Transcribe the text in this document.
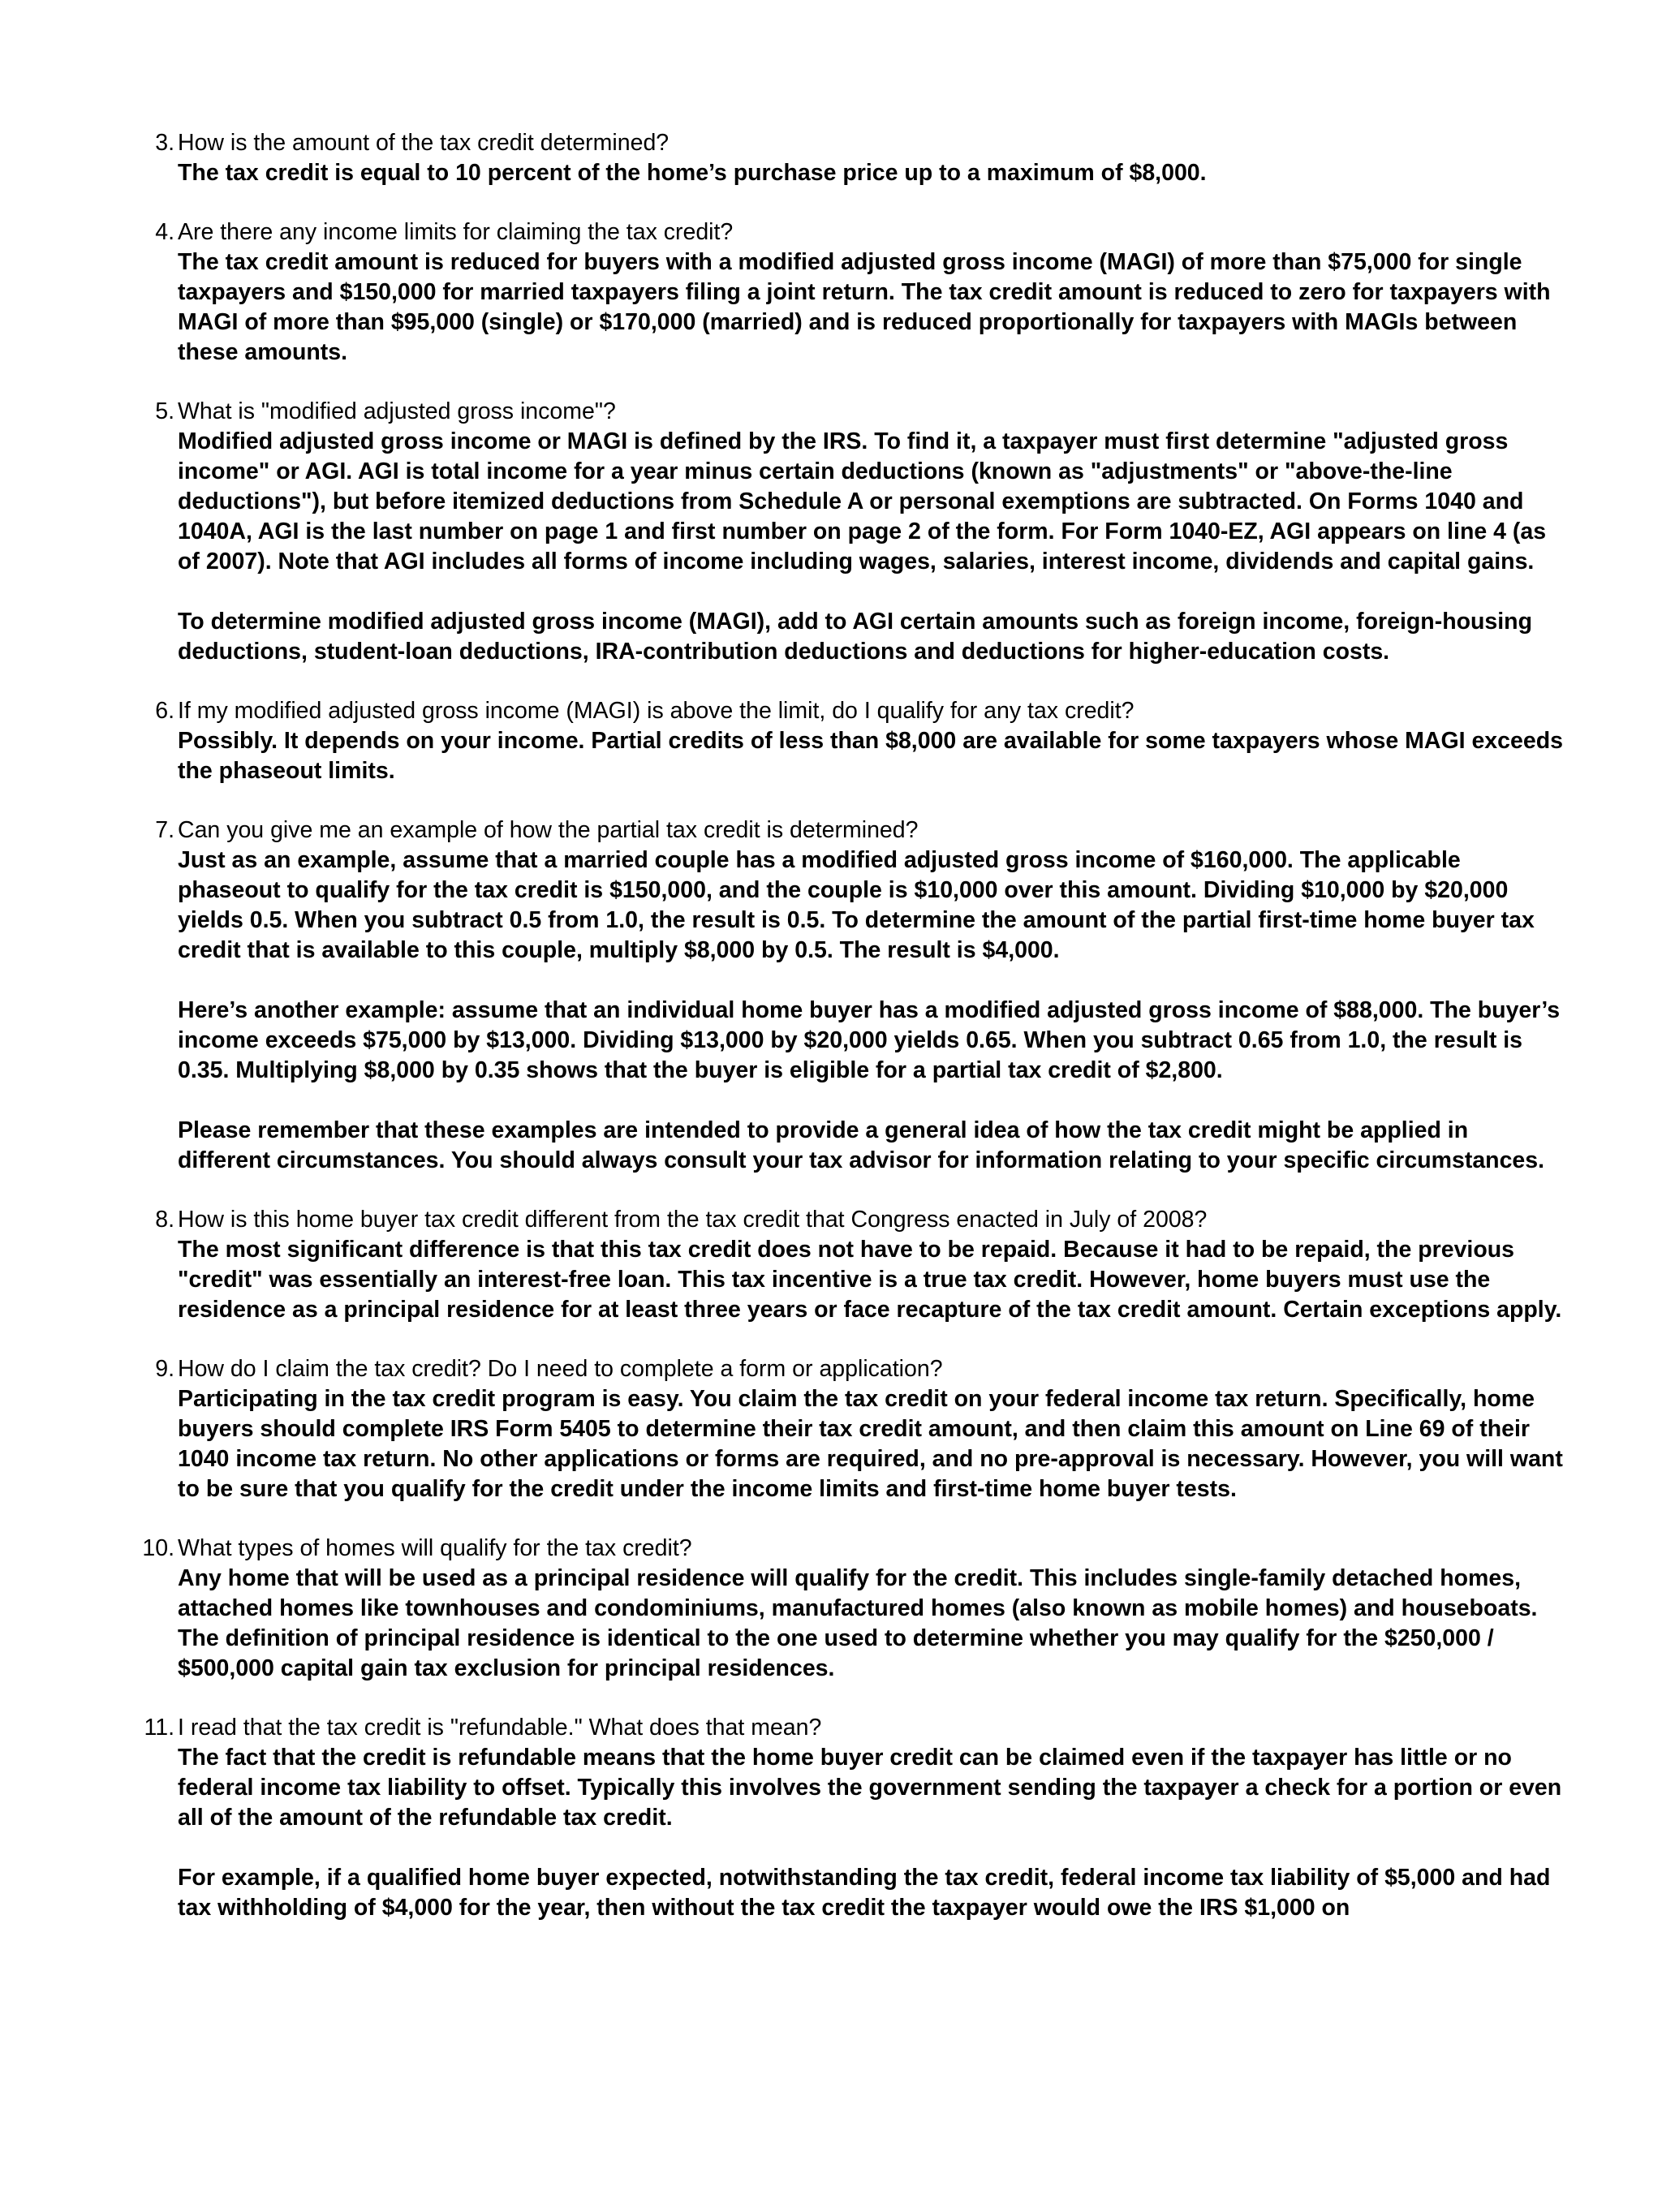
3. How is the amount of the tax credit determined?

The tax credit is equal to 10 percent of the home’s purchase price up to a maximum of $8,000.

4. Are there any income limits for claiming the tax credit?

The tax credit amount is reduced for buyers with a modified adjusted gross income (MAGI) of more than $75,000 for single taxpayers and $150,000 for married taxpayers filing a joint return. The tax credit amount is reduced to zero for taxpayers with MAGI of more than $95,000 (single) or $170,000 (married) and is reduced proportionally for taxpayers with MAGIs between these amounts.

5. What is "modified adjusted gross income"?

Modified adjusted gross income or MAGI is defined by the IRS. To find it, a taxpayer must first determine "adjusted gross income" or AGI. AGI is total income for a year minus certain deductions (known as "adjustments" or "above-the-line deductions"), but before itemized deductions from Schedule A or personal exemptions are subtracted. On Forms 1040 and 1040A, AGI is the last number on page 1 and first number on page 2 of the form. For Form 1040-EZ, AGI appears on line 4 (as of 2007). Note that AGI includes all forms of income including wages, salaries, interest income, dividends and capital gains.

To determine modified adjusted gross income (MAGI), add to AGI certain amounts such as foreign income, foreign-housing deductions, student-loan deductions, IRA-contribution deductions and deductions for higher-education costs.

6. If my modified adjusted gross income (MAGI) is above the limit, do I qualify for any tax credit?

Possibly. It depends on your income. Partial credits of less than $8,000 are available for some taxpayers whose MAGI exceeds the phaseout limits.

7. Can you give me an example of how the partial tax credit is determined?

Just as an example, assume that a married couple has a modified adjusted gross income of $160,000. The applicable phaseout to qualify for the tax credit is $150,000, and the couple is $10,000 over this amount. Dividing $10,000 by $20,000 yields 0.5. When you subtract 0.5 from 1.0, the result is 0.5. To determine the amount of the partial first-time home buyer tax credit that is available to this couple, multiply $8,000 by 0.5. The result is $4,000.

Here’s another example: assume that an individual home buyer has a modified adjusted gross income of $88,000. The buyer’s income exceeds $75,000 by $13,000. Dividing $13,000 by $20,000 yields 0.65. When you subtract 0.65 from 1.0, the result is 0.35. Multiplying $8,000 by 0.35 shows that the buyer is eligible for a partial tax credit of $2,800.

Please remember that these examples are intended to provide a general idea of how the tax credit might be applied in different circumstances. You should always consult your tax advisor for information relating to your specific circumstances.

8. How is this home buyer tax credit different from the tax credit that Congress enacted in July of 2008?

The most significant difference is that this tax credit does not have to be repaid. Because it had to be repaid, the previous "credit" was essentially an interest-free loan. This tax incentive is a true tax credit. However, home buyers must use the residence as a principal residence for at least three years or face recapture of the tax credit amount. Certain exceptions apply.

9. How do I claim the tax credit? Do I need to complete a form or application?

Participating in the tax credit program is easy. You claim the tax credit on your federal income tax return. Specifically, home buyers should complete IRS Form 5405 to determine their tax credit amount, and then claim this amount on Line 69 of their 1040 income tax return. No other applications or forms are required, and no pre-approval is necessary. However, you will want to be sure that you qualify for the credit under the income limits and first-time home buyer tests.

10. What types of homes will qualify for the tax credit?

Any home that will be used as a principal residence will qualify for the credit. This includes single-family detached homes, attached homes like townhouses and condominiums, manufactured homes (also known as mobile homes) and houseboats. The definition of principal residence is identical to the one used to determine whether you may qualify for the $250,000 / $500,000 capital gain tax exclusion for principal residences.

11. I read that the tax credit is "refundable." What does that mean?

The fact that the credit is refundable means that the home buyer credit can be claimed even if the taxpayer has little or no federal income tax liability to offset. Typically this involves the government sending the taxpayer a check for a portion or even all of the amount of the refundable tax credit.

For example, if a qualified home buyer expected, notwithstanding the tax credit, federal income tax liability of $5,000 and had tax withholding of $4,000 for the year, then without the tax credit the taxpayer would owe the IRS $1,000 on
